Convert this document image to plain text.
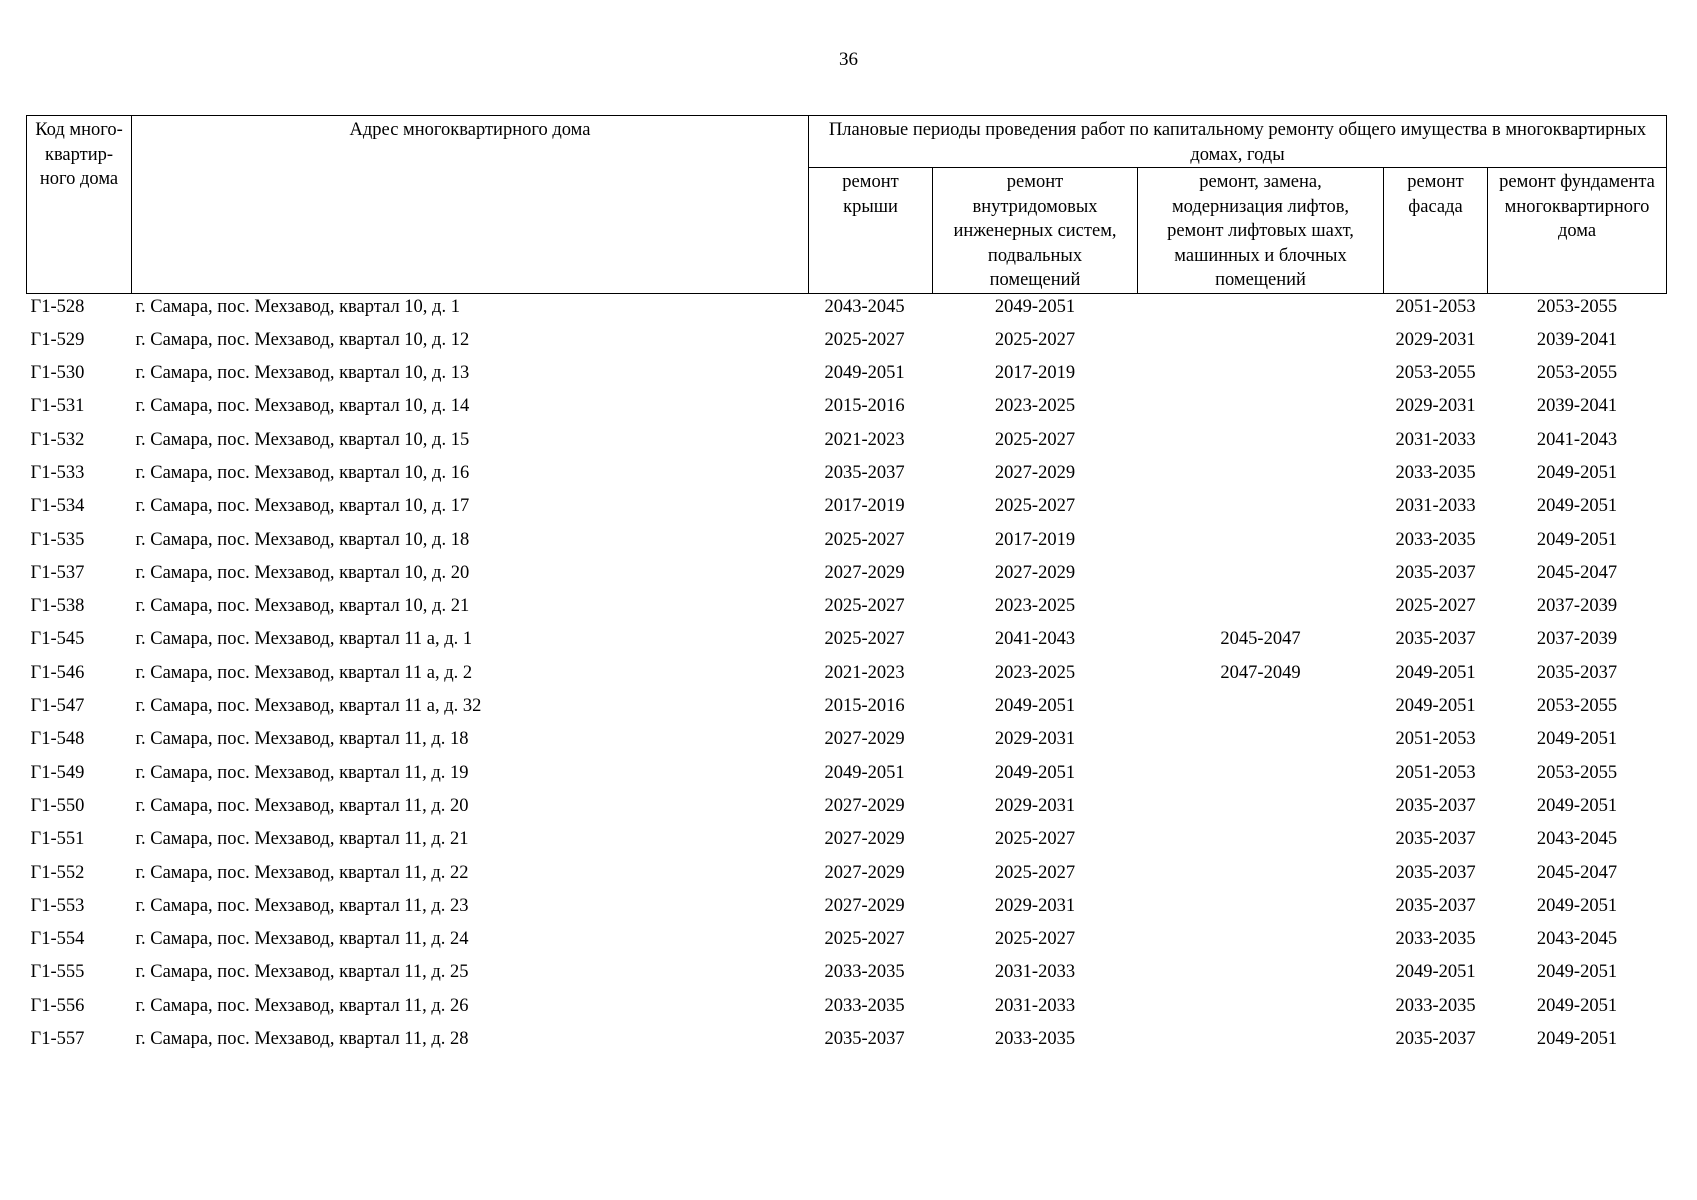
36
Код много-
квартир-
ного дома	Адрес многоквартирного дома	Плановые периоды проведения работ по капитальному ремонту общего имущества в многоквартирных домах, годы				
		ремонт
крыши	ремонт
внутридомовых
инженерных систем,
подвальных
помещений	ремонт, замена,
модернизация лифтов,
ремонт лифтовых шахт,
машинных и блочных
помещений	ремонт
фасада	ремонт фундамента
многоквартирного
дома
Г1-528	г. Самара, пос. Мехзавод, квартал 10, д. 1	2043-2045	2049-2051		2051-2053	2053-2055
Г1-529	г. Самара, пос. Мехзавод, квартал 10, д. 12	2025-2027	2025-2027		2029-2031	2039-2041
Г1-530	г. Самара, пос. Мехзавод, квартал 10, д. 13	2049-2051	2017-2019		2053-2055	2053-2055
Г1-531	г. Самара, пос. Мехзавод, квартал 10, д. 14	2015-2016	2023-2025		2029-2031	2039-2041
Г1-532	г. Самара, пос. Мехзавод, квартал 10, д. 15	2021-2023	2025-2027		2031-2033	2041-2043
Г1-533	г. Самара, пос. Мехзавод, квартал 10, д. 16	2035-2037	2027-2029		2033-2035	2049-2051
Г1-534	г. Самара, пос. Мехзавод, квартал 10, д. 17	2017-2019	2025-2027		2031-2033	2049-2051
Г1-535	г. Самара, пос. Мехзавод, квартал 10, д. 18	2025-2027	2017-2019		2033-2035	2049-2051
Г1-537	г. Самара, пос. Мехзавод, квартал 10, д. 20	2027-2029	2027-2029		2035-2037	2045-2047
Г1-538	г. Самара, пос. Мехзавод, квартал 10, д. 21	2025-2027	2023-2025		2025-2027	2037-2039
Г1-545	г. Самара, пос. Мехзавод, квартал 11 а, д. 1	2025-2027	2041-2043	2045-2047	2035-2037	2037-2039
Г1-546	г. Самара, пос. Мехзавод, квартал 11 а, д. 2	2021-2023	2023-2025	2047-2049	2049-2051	2035-2037
Г1-547	г. Самара, пос. Мехзавод, квартал 11 а, д. 32	2015-2016	2049-2051		2049-2051	2053-2055
Г1-548	г. Самара, пос. Мехзавод, квартал 11, д. 18	2027-2029	2029-2031		2051-2053	2049-2051
Г1-549	г. Самара, пос. Мехзавод, квартал 11, д. 19	2049-2051	2049-2051		2051-2053	2053-2055
Г1-550	г. Самара, пос. Мехзавод, квартал 11, д. 20	2027-2029	2029-2031		2035-2037	2049-2051
Г1-551	г. Самара, пос. Мехзавод, квартал 11, д. 21	2027-2029	2025-2027		2035-2037	2043-2045
Г1-552	г. Самара, пос. Мехзавод, квартал 11, д. 22	2027-2029	2025-2027		2035-2037	2045-2047
Г1-553	г. Самара, пос. Мехзавод, квартал 11, д. 23	2027-2029	2029-2031		2035-2037	2049-2051
Г1-554	г. Самара, пос. Мехзавод, квартал 11, д. 24	2025-2027	2025-2027		2033-2035	2043-2045
Г1-555	г. Самара, пос. Мехзавод, квартал 11, д. 25	2033-2035	2031-2033		2049-2051	2049-2051
Г1-556	г. Самара, пос. Мехзавод, квартал 11, д. 26	2033-2035	2031-2033		2033-2035	2049-2051
Г1-557	г. Самара, пос. Мехзавод, квартал 11, д. 28	2035-2037	2033-2035		2035-2037	2049-2051
